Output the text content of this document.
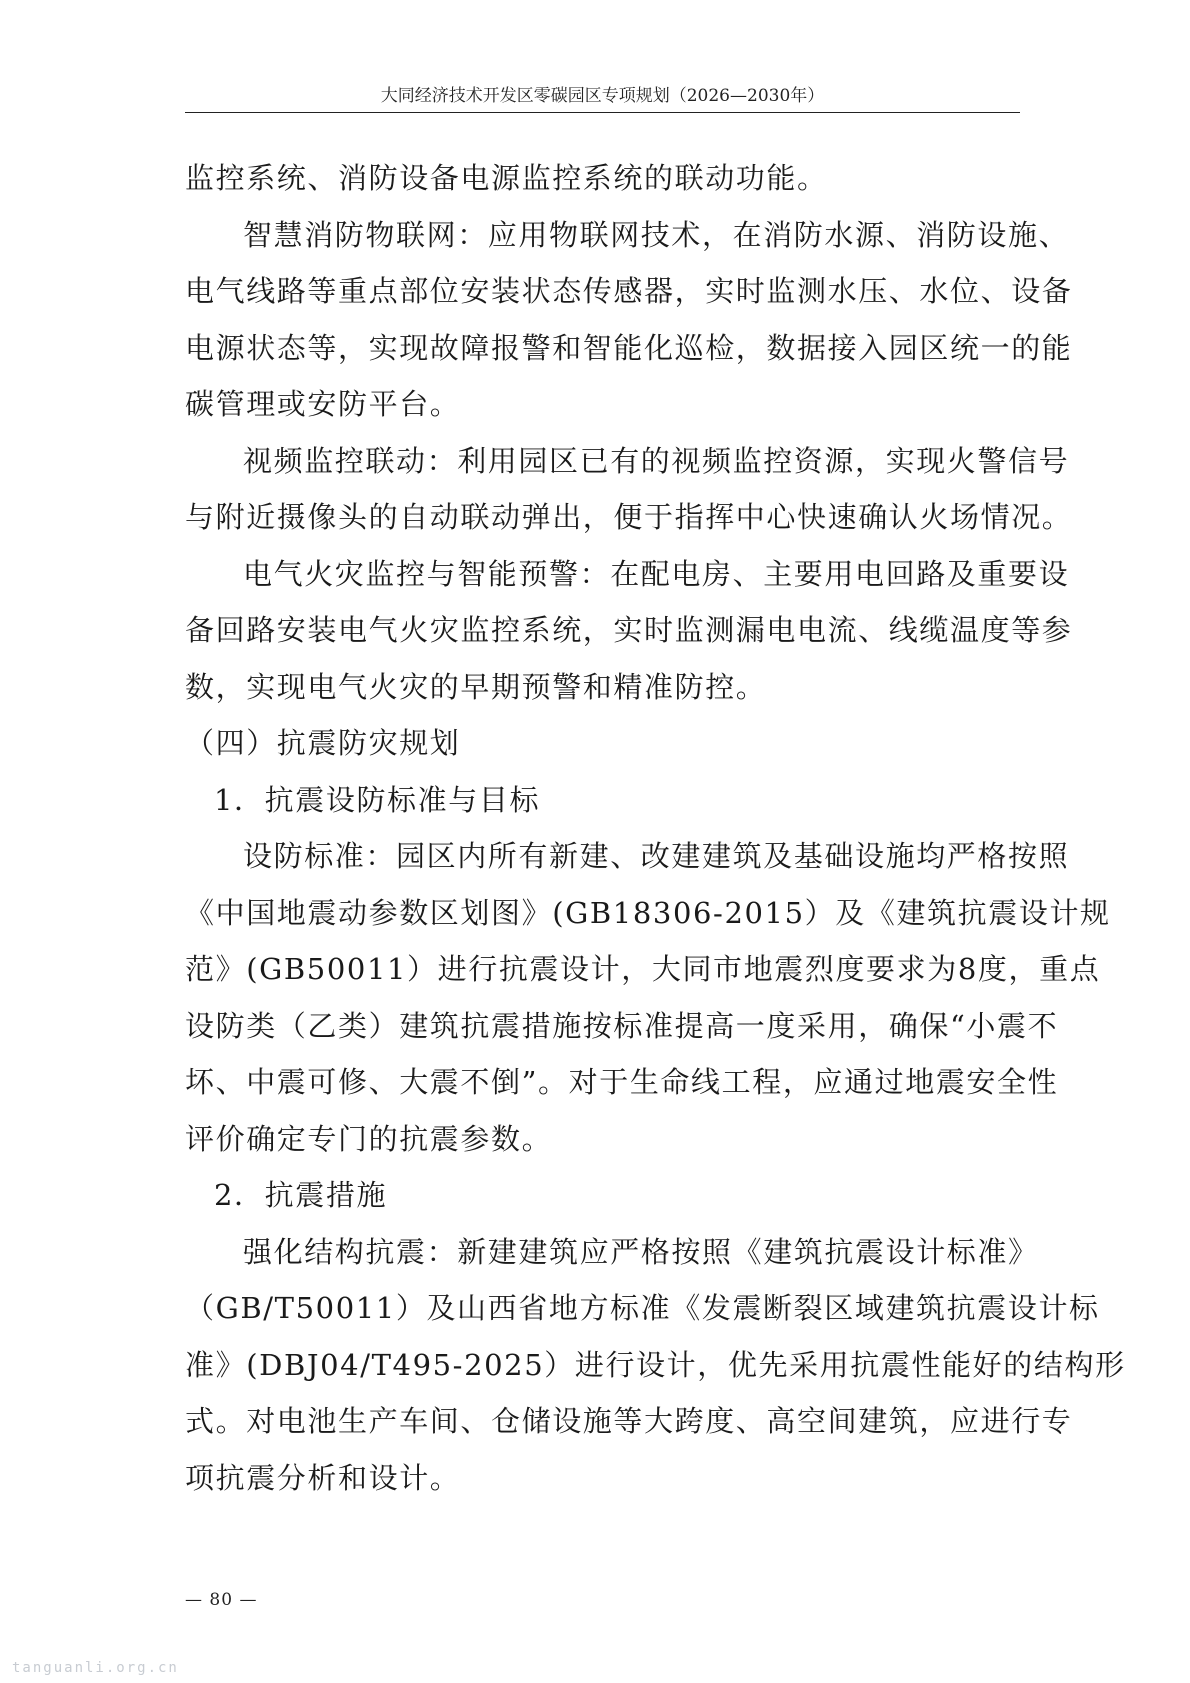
大同经济技术开发区零碳园区专项规划（2026—2030年）

监控系统、消防设备电源监控系统的联动功能。

智慧消防物联网：应用物联网技术，在消防水源、消防设施、

电气线路等重点部位安装状态传感器，实时监测水压、水位、设备

电源状态等，实现故障报警和智能化巡检，数据接入园区统一的能

碳管理或安防平台。

视频监控联动：利用园区已有的视频监控资源，实现火警信号

与附近摄像头的自动联动弹出，便于指挥中心快速确认火场情况。

电气火灾监控与智能预警：在配电房、主要用电回路及重要设

备回路安装电气火灾监控系统，实时监测漏电电流、线缆温度等参

数，实现电气火灾的早期预警和精准防控。

（四）抗震防灾规划

1．抗震设防标准与目标

设防标准：园区内所有新建、改建建筑及基础设施均严格按照

《中国地震动参数区划图》(GB18306-2015）及《建筑抗震设计规

范》(GB50011）进行抗震设计，大同市地震烈度要求为8度，重点

设防类（乙类）建筑抗震措施按标准提高一度采用，确保“小震不

坏、中震可修、大震不倒”。对于生命线工程，应通过地震安全性

评价确定专门的抗震参数。

2．抗震措施

强化结构抗震：新建建筑应严格按照《建筑抗震设计标准》

（GB/T50011）及山西省地方标准《发震断裂区域建筑抗震设计标

准》(DBJ04/T495-2025）进行设计，优先采用抗震性能好的结构形

式。对电池生产车间、仓储设施等大跨度、高空间建筑，应进行专

项抗震分析和设计。

— 80 —
tanguanli.org.cn
